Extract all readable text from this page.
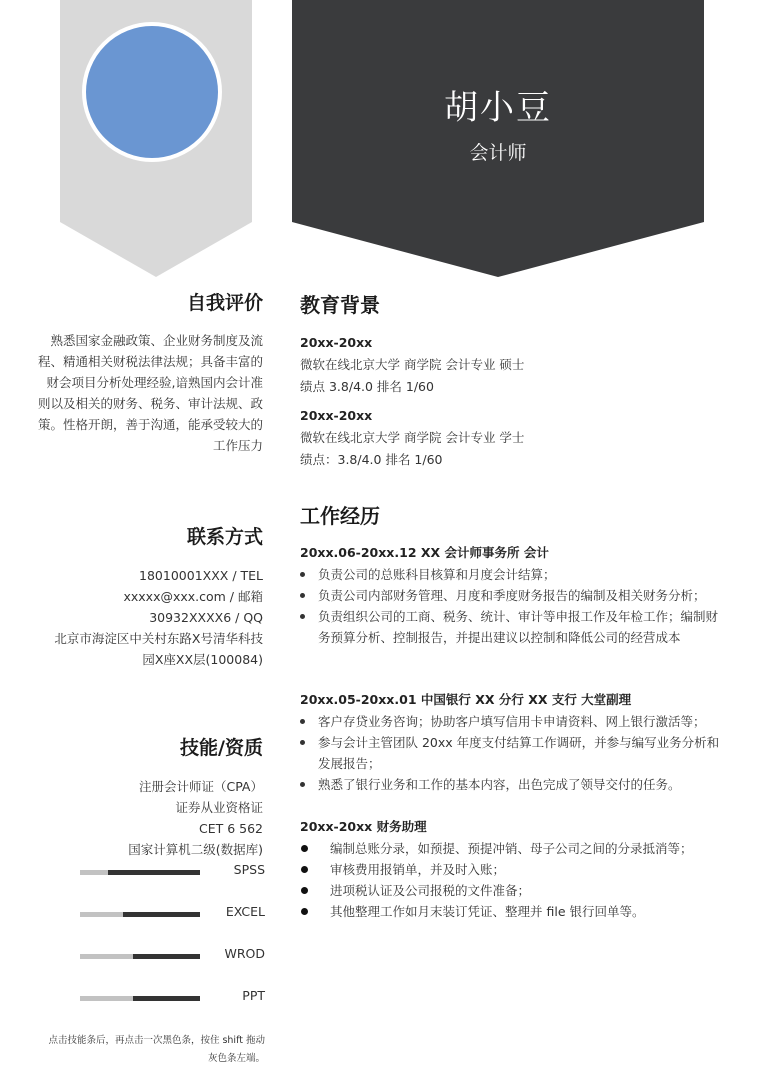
胡小豆
会计师
自我评价
熟悉国家金融政策、企业财务制度及流程、精通相关财税法律法规；具备丰富的财会项目分析处理经验,谙熟国内会计准则以及相关的财务、税务、审计法规、政策。性格开朗，善于沟通，能承受较大的工作压力
联系方式
18010001XXX / TEL
xxxxx@xxx.com / 邮箱
30932XXXX6 / QQ
北京市海淀区中关村东路X号清华科技
园X座XX层(100084)
技能/资质
注册会计师证（CPA）
证券从业资格证
CET 6 562
国家计算机二级(数据库)
SPSS
EXCEL
WROD
PPT
点击技能条后，再点击一次黑色条，按住 shift 拖动灰色条左端。
教育背景
20xx-20xx
微软在线北京大学 商学院 会计专业 硕士
绩点 3.8/4.0 排名 1/60
20xx-20xx
微软在线北京大学 商学院 会计专业 学士
绩点：3.8/4.0 排名 1/60
工作经历
20xx.06-20xx.12 XX 会计师事务所 会计
负责公司的总账科目核算和月度会计结算；
负责公司内部财务管理、月度和季度财务报告的编制及相关财务分析；
负责组织公司的工商、税务、统计、审计等申报工作及年检工作；编制财务预算分析、控制报告，并提出建议以控制和降低公司的经营成本
20xx.05-20xx.01 中国银行 XX 分行 XX 支行 大堂副理
客户存贷业务咨询；协助客户填写信用卡申请资料、网上银行激活等；
参与会计主管团队 20xx 年度支付结算工作调研，并参与编写业务分析和发展报告；
熟悉了银行业务和工作的基本内容，出色完成了领导交付的任务。
20xx-20xx 财务助理
编制总账分录，如预提、预提冲销、母子公司之间的分录抵消等；
审核费用报销单，并及时入账；
进项税认证及公司报税的文件准备；
其他整理工作如月末装订凭证、整理并 file 银行回单等。
